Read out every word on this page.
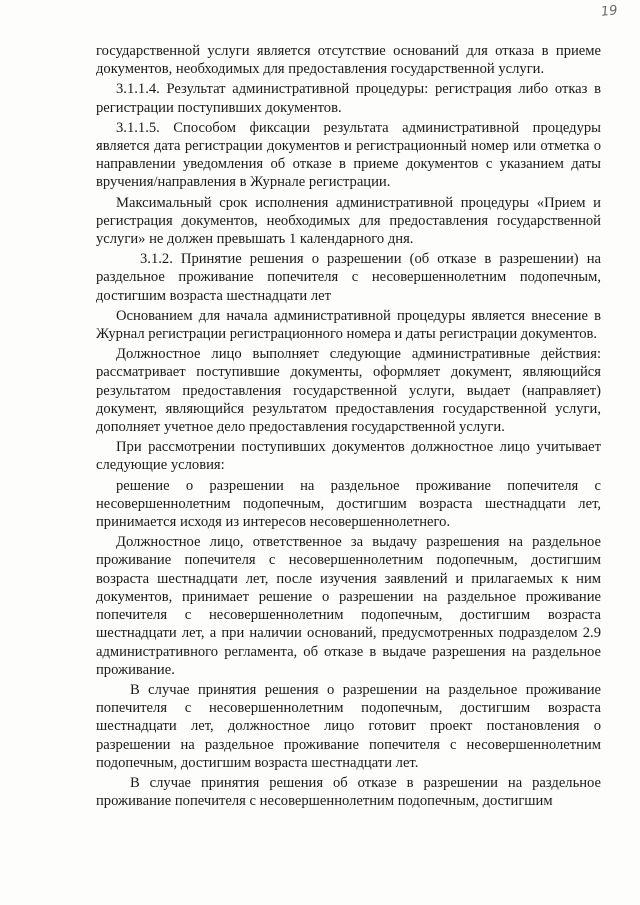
19

государственной услуги является отсутствие оснований для отказа в приеме документов, необходимых для предоставления государственной услуги.

3.1.1.4. Результат административной процедуры: регистрация либо отказ в регистрации поступивших документов.

3.1.1.5. Способом фиксации результата административной процедуры является дата регистрации документов и регистрационный номер или отметка о направлении уведомления об отказе в приеме документов с указанием даты вручения/направления в Журнале регистрации.

Максимальный срок исполнения административной процедуры «Прием и регистрация документов, необходимых для предоставления государственной услуги» не должен превышать 1 календарного дня.

3.1.2. Принятие решения о разрешении (об отказе в разрешении) на раздельное проживание попечителя с несовершеннолетним подопечным, достигшим возраста шестнадцати лет

Основанием для начала административной процедуры является внесение в Журнал регистрации регистрационного номера и даты регистрации документов.

Должностное лицо выполняет следующие административные действия: рассматривает поступившие документы, оформляет документ, являющийся результатом предоставления государственной услуги, выдает (направляет) документ, являющийся результатом предоставления государственной услуги, дополняет учетное дело предоставления государственной услуги.

При рассмотрении поступивших документов должностное лицо учитывает следующие условия:

решение о разрешении на раздельное проживание попечителя с несовершеннолетним подопечным, достигшим возраста шестнадцати лет, принимается исходя из интересов несовершеннолетнего.

Должностное лицо, ответственное за выдачу разрешения на раздельное проживание попечителя с несовершеннолетним подопечным, достигшим возраста шестнадцати лет, после изучения заявлений и прилагаемых к ним документов, принимает решение о разрешении на раздельное проживание попечителя с несовершеннолетним подопечным, достигшим возраста шестнадцати лет, а при наличии оснований, предусмотренных подразделом 2.9 административного регламента, об отказе в выдаче разрешения на раздельное проживание.

В случае принятия решения о разрешении на раздельное проживание попечителя с несовершеннолетним подопечным, достигшим возраста шестнадцати лет, должностное лицо готовит проект постановления о разрешении на раздельное проживание попечителя с несовершеннолетним подопечным, достигшим возраста шестнадцати лет.

В случае принятия решения об отказе в разрешении на раздельное проживание попечителя с несовершеннолетним подопечным, достигшим
